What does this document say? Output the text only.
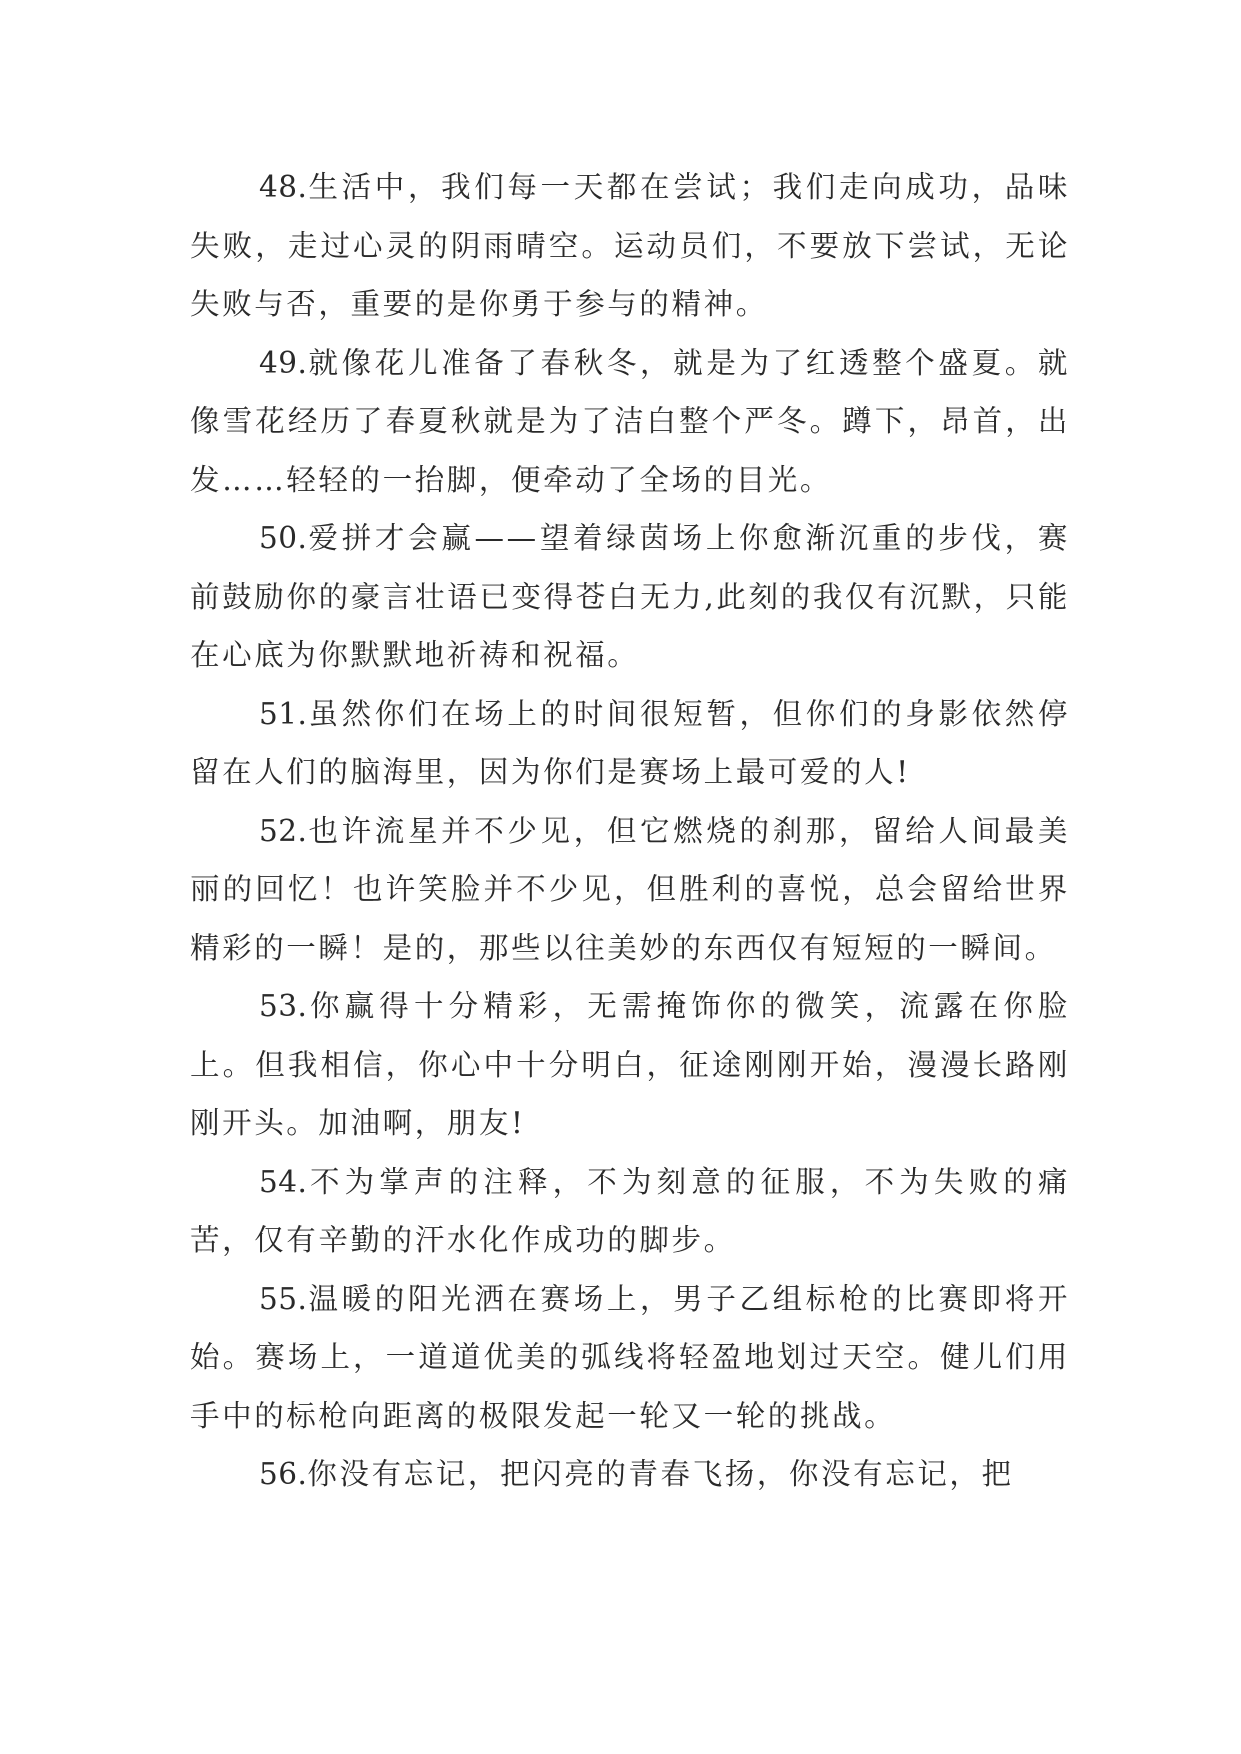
48.生活中，我们每一天都在尝试；我们走向成功，品味失败，走过心灵的阴雨晴空。运动员们，不要放下尝试，无论失败与否，重要的是你勇于参与的精神。

49.就像花儿准备了春秋冬，就是为了红透整个盛夏。就像雪花经历了春夏秋就是为了洁白整个严冬。蹲下，昂首，出发……轻轻的一抬脚，便牵动了全场的目光。

50.爱拼才会赢——望着绿茵场上你愈渐沉重的步伐，赛前鼓励你的豪言壮语已变得苍白无力,此刻的我仅有沉默，只能在心底为你默默地祈祷和祝福。

51.虽然你们在场上的时间很短暂，但你们的身影依然停留在人们的脑海里，因为你们是赛场上最可爱的人!

52.也许流星并不少见，但它燃烧的刹那，留给人间最美丽的回忆！也许笑脸并不少见，但胜利的喜悦，总会留给世界精彩的一瞬！是的，那些以往美妙的东西仅有短短的一瞬间。

53.你赢得十分精彩，无需掩饰你的微笑，流露在你脸上。但我相信，你心中十分明白，征途刚刚开始，漫漫长路刚刚开头。加油啊，朋友!

54.不为掌声的注释，不为刻意的征服，不为失败的痛苦，仅有辛勤的汗水化作成功的脚步。

55.温暖的阳光洒在赛场上，男子乙组标枪的比赛即将开始。赛场上，一道道优美的弧线将轻盈地划过天空。健儿们用手中的标枪向距离的极限发起一轮又一轮的挑战。

56.你没有忘记，把闪亮的青春飞扬，你没有忘记，把
